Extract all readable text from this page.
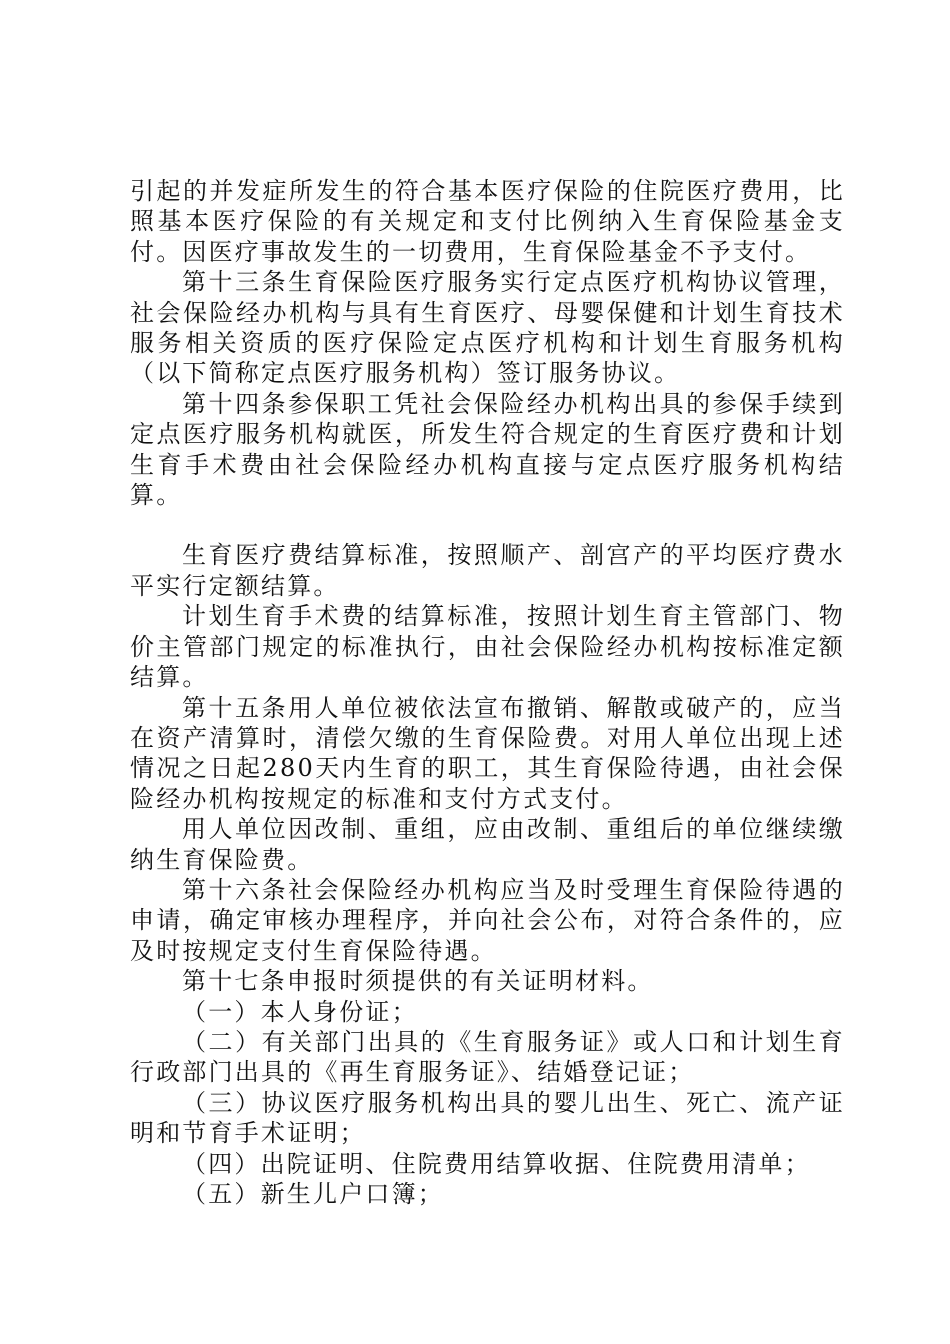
引起的并发症所发生的符合基本医疗保险的住院医疗费用，比照基本医疗保险的有关规定和支付比例纳入生育保险基金支付。因医疗事故发生的一切费用，生育保险基金不予支付。

第十三条生育保险医疗服务实行定点医疗机构协议管理，社会保险经办机构与具有生育医疗、母婴保健和计划生育技术服务相关资质的医疗保险定点医疗机构和计划生育服务机构（以下简称定点医疗服务机构）签订服务协议。

第十四条参保职工凭社会保险经办机构出具的参保手续到定点医疗服务机构就医，所发生符合规定的生育医疗费和计划生育手术费由社会保险经办机构直接与定点医疗服务机构结算。

生育医疗费结算标准，按照顺产、剖宫产的平均医疗费水平实行定额结算。

计划生育手术费的结算标准，按照计划生育主管部门、物价主管部门规定的标准执行，由社会保险经办机构按标准定额结算。

第十五条用人单位被依法宣布撤销、解散或破产的，应当在资产清算时，清偿欠缴的生育保险费。对用人单位出现上述情况之日起280天内生育的职工，其生育保险待遇，由社会保险经办机构按规定的标准和支付方式支付。

用人单位因改制、重组，应由改制、重组后的单位继续缴纳生育保险费。

第十六条社会保险经办机构应当及时受理生育保险待遇的申请，确定审核办理程序，并向社会公布，对符合条件的，应及时按规定支付生育保险待遇。

第十七条申报时须提供的有关证明材料。

（一）本人身份证；

（二）有关部门出具的《生育服务证》或人口和计划生育行政部门出具的《再生育服务证》、结婚登记证；

（三）协议医疗服务机构出具的婴儿出生、死亡、流产证明和节育手术证明；

（四）出院证明、住院费用结算收据、住院费用清单；

（五）新生儿户口簿；
